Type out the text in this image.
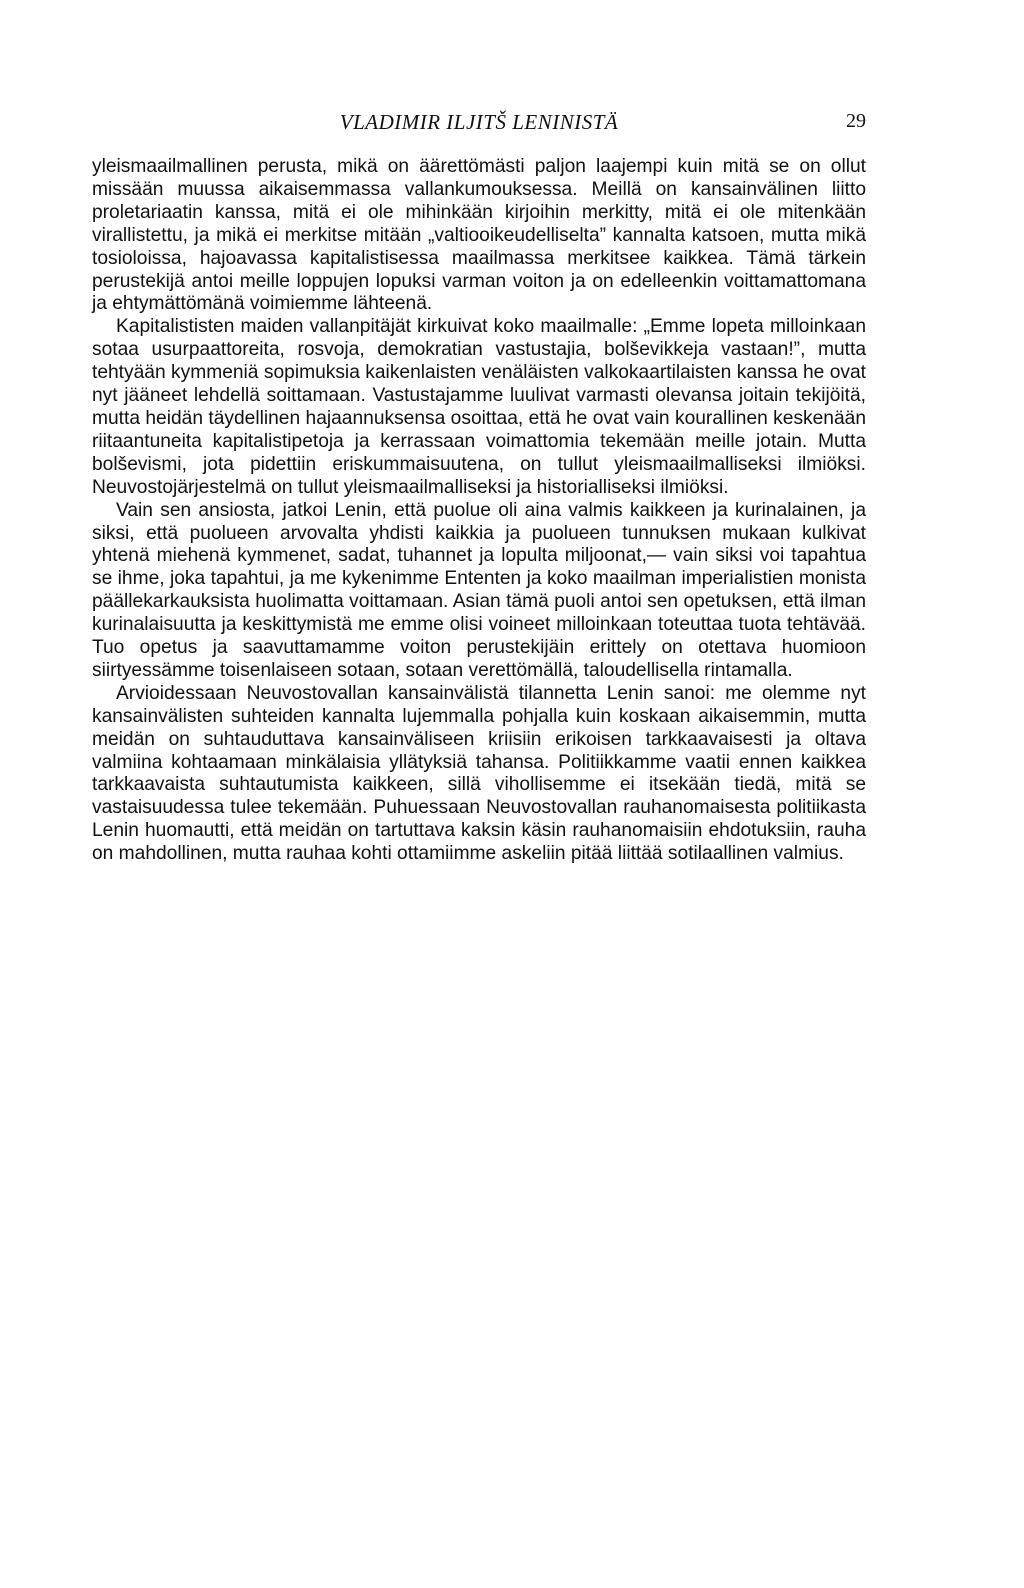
VLADIMIR ILJITŠ LENINISTÄ	29

yleismaailmallinen perusta, mikä on äärettömästi paljon laajempi kuin mitä se on ollut missään muussa aikaisemmassa vallankumouksessa. Meillä on kansainvälinen liitto proletariaatin kanssa, mitä ei ole mihinkään kirjoihin merkitty, mitä ei ole mitenkään virallistettu, ja mikä ei merkitse mitään „valtiooikeudelliselta” kannalta katsoen, mutta mikä tosioloissa, hajoavassa kapitalistisessa maailmassa merkitsee kaikkea. Tämä tärkein perustekijä antoi meille loppujen lopuksi varman voiton ja on edelleenkin voittamattomana ja ehtymättömänä voimiemme lähteenä.

Kapitalististen maiden vallanpitäjät kirkuivat koko maailmalle: „Emme lopeta milloinkaan sotaa usurpaattoreita, rosvoja, demokratian vastustajia, bolševikkeja vastaan!”, mutta tehtyään kymmeniä sopimuksia kaikenlaisten venäläisten valkokaartilaisten kanssa he ovat nyt jääneet lehdellä soittamaan. Vastustajamme luulivat varmasti olevansa joitain tekijöitä, mutta heidän täydellinen hajaannuksensa osoittaa, että he ovat vain kourallinen keskenään riitaantuneita kapitalistipetoja ja kerrassaan voimattomia tekemään meille jotain. Mutta bolševismi, jota pidettiin eriskummaisuutena, on tullut yleismaailmalliseksi ilmiöksi. Neuvostojärjestelmä on tullut yleismaailmalliseksi ja historialliseksi ilmiöksi.

Vain sen ansiosta, jatkoi Lenin, että puolue oli aina valmis kaikkeen ja kurinalainen, ja siksi, että puolueen arvovalta yhdisti kaikkia ja puolueen tunnuksen mukaan kulkivat yhtenä miehenä kymmenet, sadat, tuhannet ja lopulta miljoonat,— vain siksi voi tapahtua se ihme, joka tapahtui, ja me kykenimme Ententen ja koko maailman imperialistien monista päällekarkauksista huolimatta voittamaan. Asian tämä puoli antoi sen opetuksen, että ilman kurinalaisuutta ja keskittymistä me emme olisi voineet milloinkaan toteuttaa tuota tehtävää. Tuo opetus ja saavuttamamme voiton perustekijäin erittely on otettava huomioon siirtyessämme toisenlaiseen sotaan, sotaan verettömällä, taloudellisella rintamalla.

Arvioidessaan Neuvostovallan kansainvälistä tilannetta Lenin sanoi: me olemme nyt kansainvälisten suhteiden kannalta lujemmalla pohjalla kuin koskaan aikaisemmin, mutta meidän on suhtauduttava kansainväliseen kriisiin erikoisen tarkkaavaisesti ja oltava valmiina kohtaamaan minkälaisia yllätyksiä tahansa. Politiikkamme vaatii ennen kaikkea tarkkaavaista suhtautumista kaikkeen, sillä vihollisemme ei itsekään tiedä, mitä se vastaisuudessa tulee tekemään. Puhuessaan Neuvostovallan rauhanomaisesta politiikasta Lenin huomautti, että meidän on tartuttava kaksin käsin rauhanomaisiin ehdotuksiin, rauha on mahdollinen, mutta rauhaa kohti ottamiimme askeliin pitää liittää sotilaallinen valmius.
